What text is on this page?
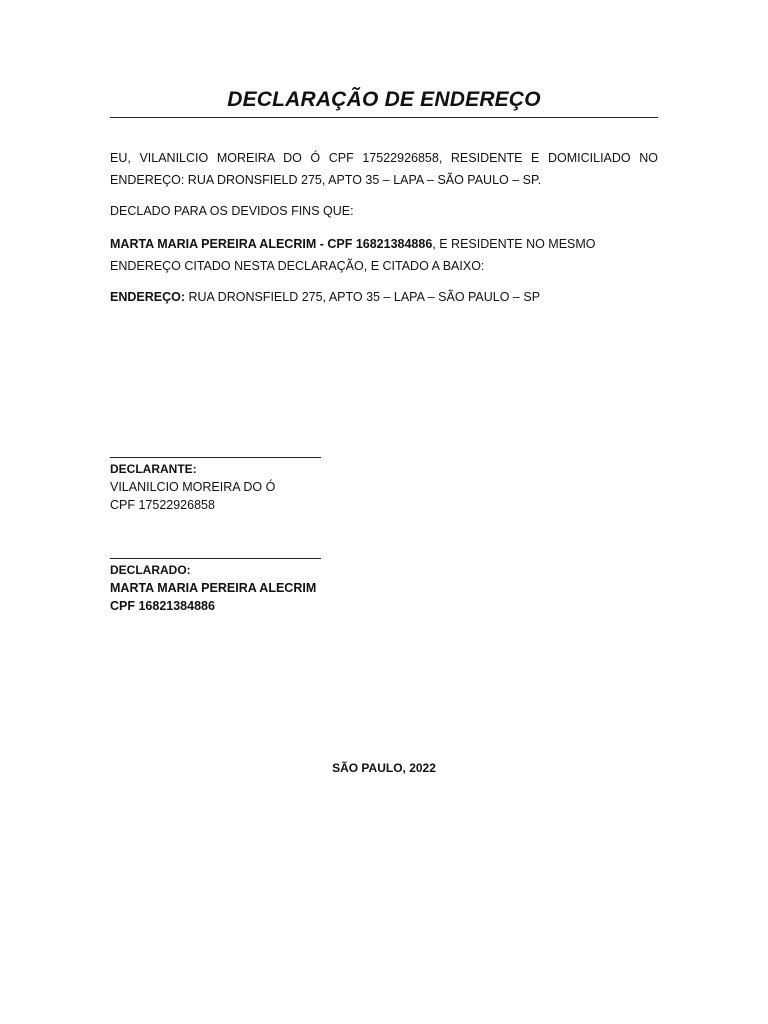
DECLARAÇÃO DE ENDEREÇO

EU, VILANILCIO MOREIRA DO Ó CPF 17522926858, RESIDENTE E DOMICILIADO NO ENDEREÇO: RUA DRONSFIELD 275, APTO 35 – LAPA – SÃO PAULO – SP.

DECLADO PARA OS DEVIDOS FINS QUE:

MARTA MARIA PEREIRA ALECRIM - CPF 16821384886, E RESIDENTE NO MESMO ENDEREÇO CITADO NESTA DECLARAÇÃO, E CITADO A BAIXO:

ENDEREÇO: RUA DRONSFIELD 275, APTO 35 – LAPA – SÃO PAULO – SP

DECLARANTE:
VILANILCIO MOREIRA DO Ó
CPF 17522926858
DECLARADO:
MARTA MARIA PEREIRA ALECRIM
CPF 16821384886
SÃO PAULO, 2022
